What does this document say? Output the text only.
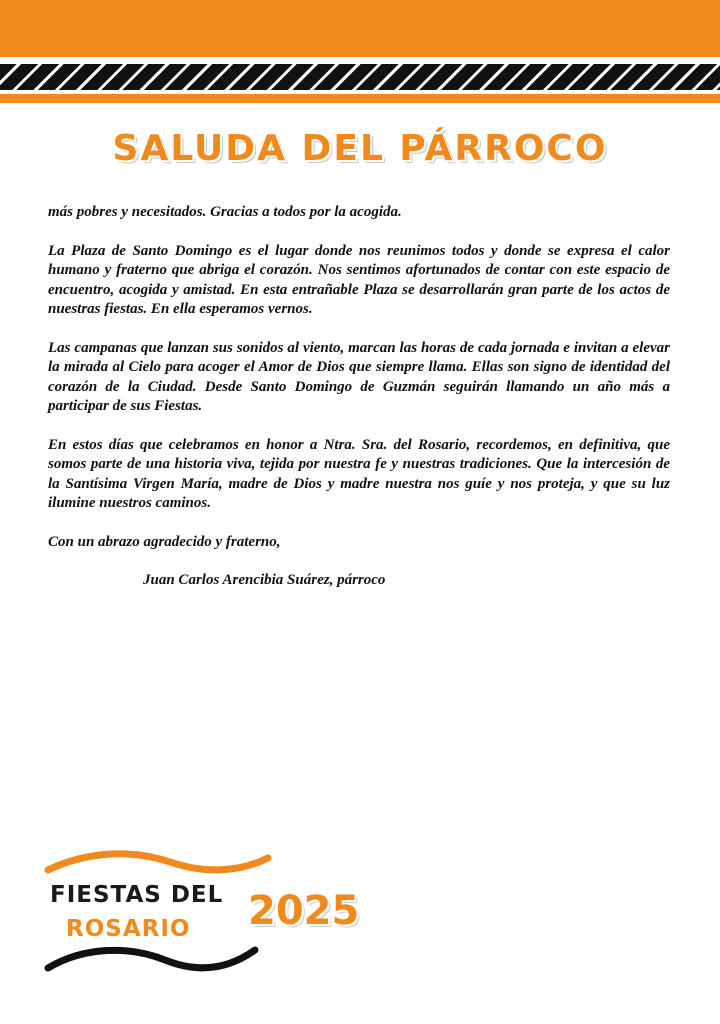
SALUDA DEL PÁRROCO

más pobres y necesitados. Gracias a todos por la acogida.

La Plaza de Santo Domingo es el lugar donde nos reunimos todos y donde se expresa el calor humano y fraterno que abriga el corazón. Nos sentimos afortunados de contar con este espacio de encuentro, acogida y amistad. En esta entrañable Plaza se desarrollarán gran parte de los actos de nuestras fiestas. En ella esperamos vernos.

Las campanas que lanzan sus sonidos al viento, marcan las horas de cada jornada e invitan a elevar la mirada al Cielo para acoger el Amor de Dios que siempre llama. Ellas son signo de identidad del corazón de la Ciudad. Desde Santo Domingo de Guzmán seguirán llamando un año más a participar de sus Fiestas.

En estos días que celebramos en honor a Ntra. Sra. del Rosario, recordemos, en definitiva, que somos parte de una historia viva, tejida por nuestra fe y nuestras tradiciones. Que la intercesión de la Santísima Virgen María, madre de Dios y madre nuestra nos guíe y nos proteja, y que su luz ilumine nuestros caminos.

Con un abrazo agradecido y fraterno,

Juan Carlos Arencibia Suárez, párroco

FIESTAS DEL
ROSARIO 2025
